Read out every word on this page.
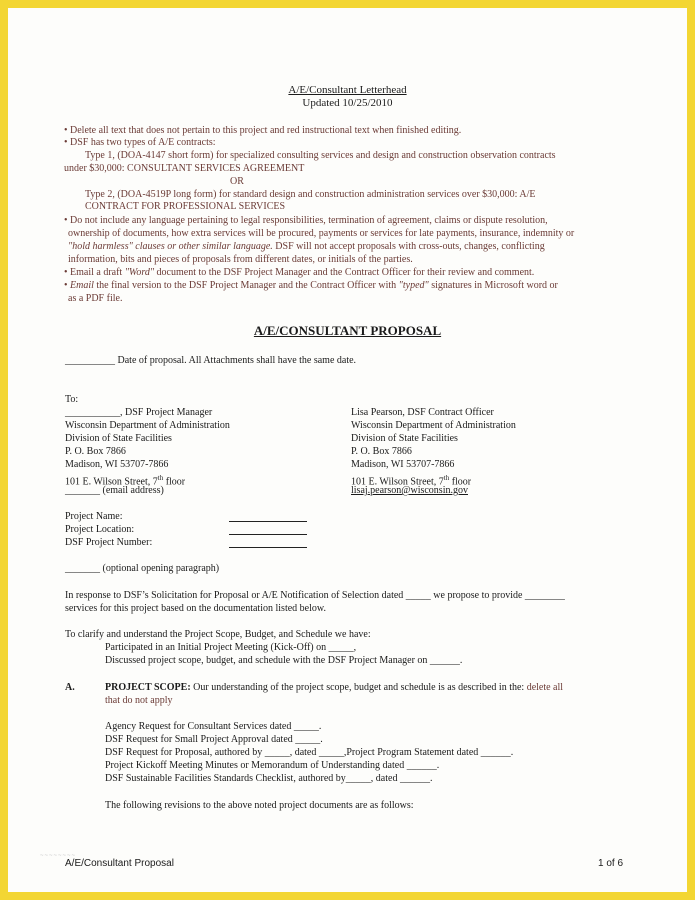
A/E/Consultant Letterhead
Updated 10/25/2010
• Delete all text that does not pertain to this project and red instructional text when finished editing.
• DSF has two types of A/E contracts:
Type 1, (DOA-4147 short form) for specialized consulting services and design and construction observation contracts
under $30,000: CONSULTANT SERVICES AGREEMENT
OR
Type 2, (DOA-4519P long form) for standard design and construction administration services over $30,000: A/E
CONTRACT FOR PROFESSIONAL SERVICES
• Do not include any language pertaining to legal responsibilities, termination of agreement, claims or dispute resolution,
ownership of documents, how extra services will be procured, payments or services for late payments, insurance, indemnity or
"hold harmless" clauses or other similar language. DSF will not accept proposals with cross-outs, changes, conflicting
information, bits and pieces of proposals from different dates, or initials of the parties.
• Email a draft "Word" document to the DSF Project Manager and the Contract Officer for their review and comment.
• Email the final version to the DSF Project Manager and the Contract Officer with "typed" signatures in Microsoft word or
as a PDF file.
A/E/CONSULTANT PROPOSAL
__________ Date of proposal. All Attachments shall have the same date.
To:
___________, DSF Project Manager
Wisconsin Department of Administration
Division of State Facilities
P. O. Box 7866
Madison, WI 53707-7866
101 E. Wilson Street, 7th floor
_______ (email address)
Lisa Pearson, DSF Contract Officer
Wisconsin Department of Administration
Division of State Facilities
P. O. Box 7866
Madison, WI 53707-7866
101 E. Wilson Street, 7th floor
lisaj.pearson@wisconsin.gov
Project Name:
Project Location:
DSF Project Number:
_______ (optional opening paragraph)
In response to DSF’s Solicitation for Proposal or A/E Notification of Selection dated _____ we propose to provide ________
services for this project based on the documentation listed below.
To clarify and understand the Project Scope, Budget, and Schedule we have:
Participated in an Initial Project Meeting (Kick-Off) on _____,
Discussed project scope, budget, and schedule with the DSF Project Manager on ______.
A.	PROJECT SCOPE: Our understanding of the project scope, budget and schedule is as described in the: delete all
that do not apply
Agency Request for Consultant Services dated _____.
DSF Request for Small Project Approval dated _____.
DSF Request for Proposal, authored by _____, dated _____,Project Program Statement dated ______.
Project Kickoff Meeting Minutes or Memorandum of Understanding dated ______.
DSF Sustainable Facilities Standards Checklist, authored by_____, dated ______.
The following revisions to the above noted project documents are as follows:
~~~~~~~~
A/E/Consultant Proposal	1 of 6
